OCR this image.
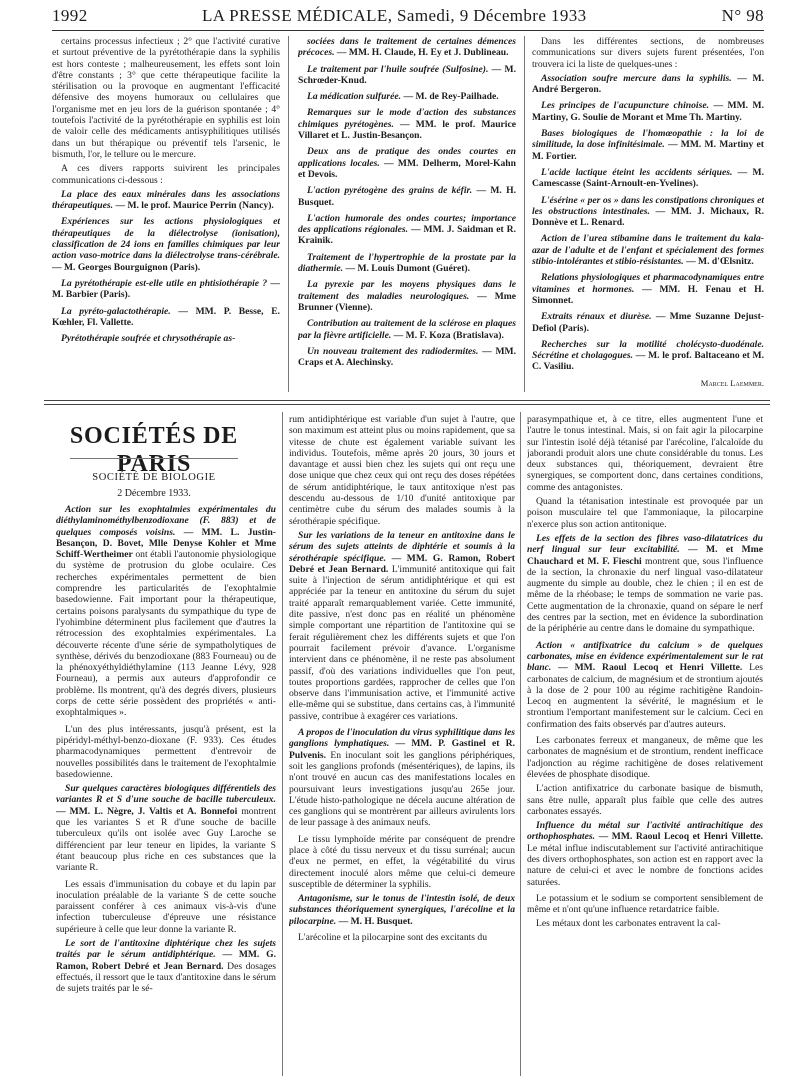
1992	LA PRESSE MÉDICALE, Samedi, 9 Décembre 1933	N° 98

certains processus infectieux ; 2° que l'activité curative et surtout préventive de la pyrétothérapie dans la syphilis est hors conteste ; malheureusement, les effets sont loin d'être constants ; 3° que cette thérapeutique facilite la stérilisation ou la provoque en augmentant l'efficacité défensive des moyens humoraux ou cellulaires que l'organisme met en jeu lors de la guérison spontanée ; 4° toutefois l'activité de la pyrétothérapie en syphilis est loin de valoir celle des médicaments antisyphilitiques utilisés dans un but thérapique ou préventif tels l'arsenic, le bismuth, l'or, le tellure ou le mercure.

A ces divers rapports suivirent les principales communications ci-dessous :

La place des eaux minérales dans les associations thérapeutiques. — M. le prof. Maurice Perrin (Nancy).

Expériences sur les actions physiologiques et thérapeutiques de la diélectrolyse (ionisation), classification de 24 ions en familles chimiques par leur action vaso-motrice dans la diélectrolyse trans-cérébrale. — M. Georges Bourguignon (Paris).

La pyrétothérapie est-elle utile en phtisiothérapie ? — M. Barbier (Paris).

La pyréto-galactothérapie. — MM. P. Besse, E. Kœhler, Fl. Vallette.

Pyrétothérapie soufrée et chrysothérapie as-

sociées dans le traitement de certaines démences précoces. — MM. H. Claude, H. Ey et J. Dublineau.

Le traitement par l'huile soufrée (Sulfosine). — M. Schrœder-Knud.

La médication sulfurée. — M. de Rey-Pailhade.

Remarques sur le mode d'action des substances chimiques pyrétogènes. — MM. le prof. Maurice Villaret et L. Justin-Besançon.

Deux ans de pratique des ondes courtes en applications locales. — MM. Delherm, Morel-Kahn et Devois.

L'action pyrétogène des grains de kéfir. — M. H. Busquet.

L'action humorale des ondes courtes; importance des applications régionales. — MM. J. Saidman et R. Krainik.

Traitement de l'hypertrophie de la prostate par la diathermie. — M. Louis Dumont (Guéret).

La pyrexie par les moyens physiques dans le traitement des maladies neurologiques. — Mme Brunner (Vienne).

Contribution au traitement de la sclérose en plaques par la fièvre artificielle. — M. F. Koza (Bratislava).

Un nouveau traitement des radiodermites. — MM. Craps et A. Alechinsky.

Dans les différentes sections, de nombreuses communications sur divers sujets furent présentées, l'on trouvera ici la liste de quelques-unes :

Association soufre mercure dans la syphilis. — M. André Bergeron.

Les principes de l'acupuncture chinoise. — MM. M. Martiny, G. Soulie de Morant et Mme Th. Martiny.

Bases biologiques de l'homœopathie : la loi de similitude, la dose infinitésimale. — MM. M. Martiny et M. Fortier.

L'acide lactique éteint les accidents sériques. — M. Camescasse (Saint-Arnoult-en-Yvelines).

L'ésérine « per os » dans les constipations chroniques et les obstructions intestinales. — MM. J. Michaux, R. Donnève et L. Renard.

Action de l'urea stibamine dans le traitement du kala-azar de l'adulte et de l'enfant et spécialement des formes stibio-intolérantes et stibio-résistantes. — M. d'Œlsnitz.

Relations physiologiques et pharmacodynamiques entre vitamines et hormones. — MM. H. Fenau et H. Simonnet.

Extraits rénaux et diurèse. — Mme Suzanne Dejust-Defiol (Paris).

Recherches sur la motilité cholécysto-duodénale. Sécrétine et cholagogues. — M. le prof. Baltaceano et M. C. Vasiliu.

Marcel Laemmer.

SOCIÉTÉS DE PARIS
SOCIÉTÉ DE BIOLOGIE
2 Décembre 1933.

Action sur les exophtalmies expérimentales du diéthylaminométhylbenzodioxane (F. 883) et de quelques composés voisins. — MM. L. Justin-Besançon, D. Bovet, Mlle Denyse Kohler et Mme Schiff-Wertheimer ont établi l'autonomie physiologique du système de protrusion du globe oculaire. Ces recherches expérimentales permettent de bien comprendre les particularités de l'exophtalmie basedowienne. Fait important pour la thérapeutique, certains poisons paralysants du sympathique du type de l'yohimbine déterminent plus facilement que d'autres la rétrocession des exophtalmies expérimentales. La découverte récente d'une série de sympatholytiques de synthèse, dérivés du benzodioxane (883 Fourneau) ou de la phénoxyéthyldiéthylamine (113 Jeanne Lévy, 928 Fourneau), a permis aux auteurs d'approfondir ce problème. Ils montrent, qu'à des degrés divers, plusieurs corps de cette série possèdent des propriétés « anti-exophtalmiques ».

L'un des plus intéressants, jusqu'à présent, est la pipéridyl-méthyl-benzo-dioxane (F. 933). Ces études pharmacodynamiques permettent d'entrevoir de nouvelles possibilités dans le traitement de l'exophtalmie basedowienne.

Sur quelques caractères biologiques différentiels des variantes R et S d'une souche de bacille tuberculeux. — MM. L. Nègre, J. Valtis et A. Bonnefoi montrent que les variantes S et R d'une souche de bacille tuberculeux qu'ils ont isolée avec Guy Laroche se différencient par leur teneur en lipides, la variante S étant beaucoup plus riche en ces substances que la variante R.

Les essais d'immunisation du cobaye et du lapin par inoculation préalable de la variante S de cette souche paraissent conférer à ces animaux vis-à-vis d'une infection tuberculeuse d'épreuve une résistance supérieure à celle que leur donne la variante R.

Le sort de l'antitoxine diphtérique chez les sujets traités par le sérum antidiphtérique. — MM. G. Ramon, Robert Debré et Jean Bernard. Des dosages effectués, il ressort que le taux d'antitoxine dans le sérum de sujets traités par le sé-

rum antidiphtérique est variable d'un sujet à l'autre, que son maximum est atteint plus ou moins rapidement, que sa vitesse de chute est également variable suivant les individus. Toutefois, même après 20 jours, 30 jours et davantage et aussi bien chez les sujets qui ont reçu une dose unique que chez ceux qui ont reçu des doses répétées de sérum antidiphtérique, le taux antitoxique n'est pas descendu au-dessous de 1/10 d'unité antitoxique par centimètre cube du sérum des malades soumis à la sérothérapie spécifique.

Sur les variations de la teneur en antitoxine dans le sérum des sujets atteints de diphtérie et soumis à la sérothérapie spécifique. — MM. G. Ramon, Robert Debré et Jean Bernard. L'immunité antitoxique qui fait suite à l'injection de sérum antidiphtérique et qui est appréciée par la teneur en antitoxine du sérum du sujet traité apparaît remarquablement variée. Cette immunité, dite passive, n'est donc pas en réalité un phénomène simple comportant une répartition de l'antitoxine qui se ferait régulièrement chez les différents sujets et que l'on pourrait facilement prévoir d'avance. L'organisme intervient dans ce phénomène, il ne reste pas absolument passif, d'où des variations individuelles que l'on peut, toutes proportions gardées, rapprocher de celles que l'on observe dans l'immunisation active, et l'immunité active elle-même qui se substitue, dans certains cas, à l'immunité passive, contribue à exagérer ces variations.

A propos de l'inoculation du virus syphilitique dans les ganglions lymphatiques. — MM. P. Gastinel et R. Pulvenis. En inoculant soit les ganglions périphériques, soit les ganglions profonds (mésentériques), de lapins, ils n'ont trouvé en aucun cas des manifestations locales en poursuivant leurs investigations jusqu'au 265e jour. L'étude histo-pathologique ne décela aucune altération de ces ganglions qui se montrèrent par ailleurs avirulents lors de leur passage à des animaux neufs.

Le tissu lymphoïde mérite par conséquent de prendre place à côté du tissu nerveux et du tissu surrénal; aucun d'eux ne permet, en effet, la végétabilité du virus directement inoculé alors même que celui-ci demeure susceptible de déterminer la syphilis.

Antagonisme, sur le tonus de l'intestin isolé, de deux substances théoriquement synergiques, l'arécoline et la pilocarpine. — M. H. Busquet.

L'arécoline et la pilocarpine sont des excitants du

parasympathique et, à ce titre, elles augmentent l'une et l'autre le tonus intestinal. Mais, si on fait agir la pilocarpine sur l'intestin isolé déjà tétanisé par l'arécoline, l'alcaloïde du jaborandi produit alors une chute considérable du tonus. Les deux substances qui, théoriquement, devraient être synergiques, se comportent donc, dans certaines conditions, comme des antagonistes.

Quand la tétanisation intestinale est provoquée par un poison musculaire tel que l'ammoniaque, la pilocarpine n'exerce plus son action antitonique.

Les effets de la section des fibres vaso-dilatatrices du nerf lingual sur leur excitabilité. — M. et Mme Chauchard et M. F. Fieschi montrent que, sous l'influence de la section, la chronaxie du nerf lingual vaso-dilatateur augmente du simple au double, chez le chien ; il en est de même de la rhéobase; le temps de sommation ne varie pas. Cette augmentation de la chronaxie, quand on sépare le nerf des centres par la section, met en évidence la subordination de la périphérie au centre dans le domaine du sympathique.

Action « antifixatrice du calcium » de quelques carbonates, mise en évidence expérimentalement sur le rat blanc. — MM. Raoul Lecoq et Henri Villette. Les carbonates de calcium, de magnésium et de strontium ajoutés à la dose de 2 pour 100 au régime rachitigène Randoin-Lecoq en augmentent la sévérité, le magnésium et le strontium l'emportant manifestement sur le calcium. Ceci en confirmation des faits observés par d'autres auteurs.

Les carbonates ferreux et manganeux, de même que les carbonates de magnésium et de strontium, rendent inefficace l'adjonction au régime rachitigène de doses relativement élevées de phosphate disodique.

L'action antifixatrice du carbonate basique de bismuth, sans être nulle, apparaît plus faible que celle des autres carbonates essayés.

Influence du métal sur l'activité antirachitique des orthophosphates. — MM. Raoul Lecoq et Henri Villette. Le métal influe indiscutablement sur l'activité antirachitique des divers orthophosphates, son action est en rapport avec la nature de celui-ci et avec le nombre de fonctions acides saturées.

Le potassium et le sodium se comportent sensiblement de même et n'ont qu'une influence retardatrice faible.

Les métaux dont les carbonates entravent la cal-
